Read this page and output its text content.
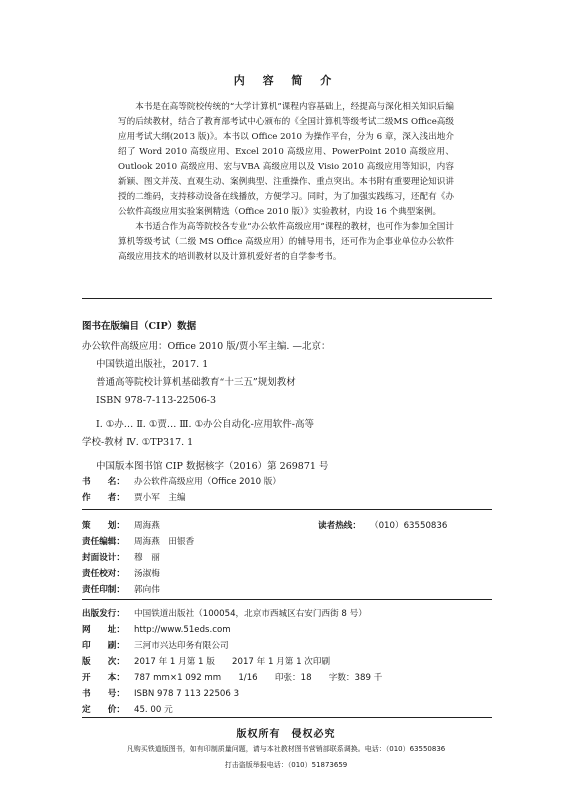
内 容 简 介

本书是在高等院校传统的“大学计算机”课程内容基础上，经提高与深化相关知识后编写的后续教材，结合了教育部考试中心颁布的《全国计算机等级考试二级MS Office高级应用考试大纲(2013 版)》。本书以 Office 2010 为操作平台，分为 6 章，深入浅出地介绍了 Word 2010 高级应用、Excel 2010 高级应用、PowerPoint 2010 高级应用、Outlook 2010 高级应用、宏与VBA 高级应用以及 Visio 2010 高级应用等知识，内容新颖、图文并茂、直观生动、案例典型、注重操作、重点突出。本书附有重要理论知识讲授的二维码，支持移动设备在线播放，方便学习。同时，为了加强实践练习，还配有《办公软件高级应用实验案例精选（Office 2010 版）》实验教材，内设 16 个典型案例。

本书适合作为高等院校各专业“办公软件高级应用”课程的教材，也可作为参加全国计算机等级考试（二级 MS Office 高级应用）的辅导用书，还可作为企事业单位办公软件高级应用技术的培训教材以及计算机爱好者的自学参考书。

图书在版编目（CIP）数据
办公软件高级应用：Office 2010 版/贾小军主编. —北京：
中国铁道出版社，2017. 1
普通高等院校计算机基础教育“十三五”规划教材
ISBN 978-7-113-22506-3
Ⅰ. ①办… Ⅱ. ①贾… Ⅲ. ①办公自动化-应用软件-高等
学校-教材 Ⅳ. ①TP317. 1
中国版本图书馆 CIP 数据核字（2016）第 269871 号
书　　名： 办公软件高级应用（Office 2010 版）
作　　者： 贾小军　主编
策　　划： 周海燕	读者热线： （010）63550836
责任编辑： 周海燕　田银香
封面设计： 穆　丽
责任校对： 汤淑梅
责任印制： 郭向伟
出版发行： 中国铁道出版社（100054，北京市西城区右安门西街 8 号）
网　　址： http://www.51eds.com
印　　刷： 三河市兴达印务有限公司
版　　次： 2017 年 1 月第 1 版　　2017 年 1 月第 1 次印刷
开　　本： 787 mm×1 092 mm　　1/16　　印张：18　　字数：389 千
书　　号： ISBN 978 7 113 22506 3
定　　价： 45. 00 元
版权所有　侵权必究
凡购买铁道版图书，如有印制质量问题，请与本社教材图书营销部联系调换。电话：（010）63550836
打击盗版举报电话：（010）51873659
